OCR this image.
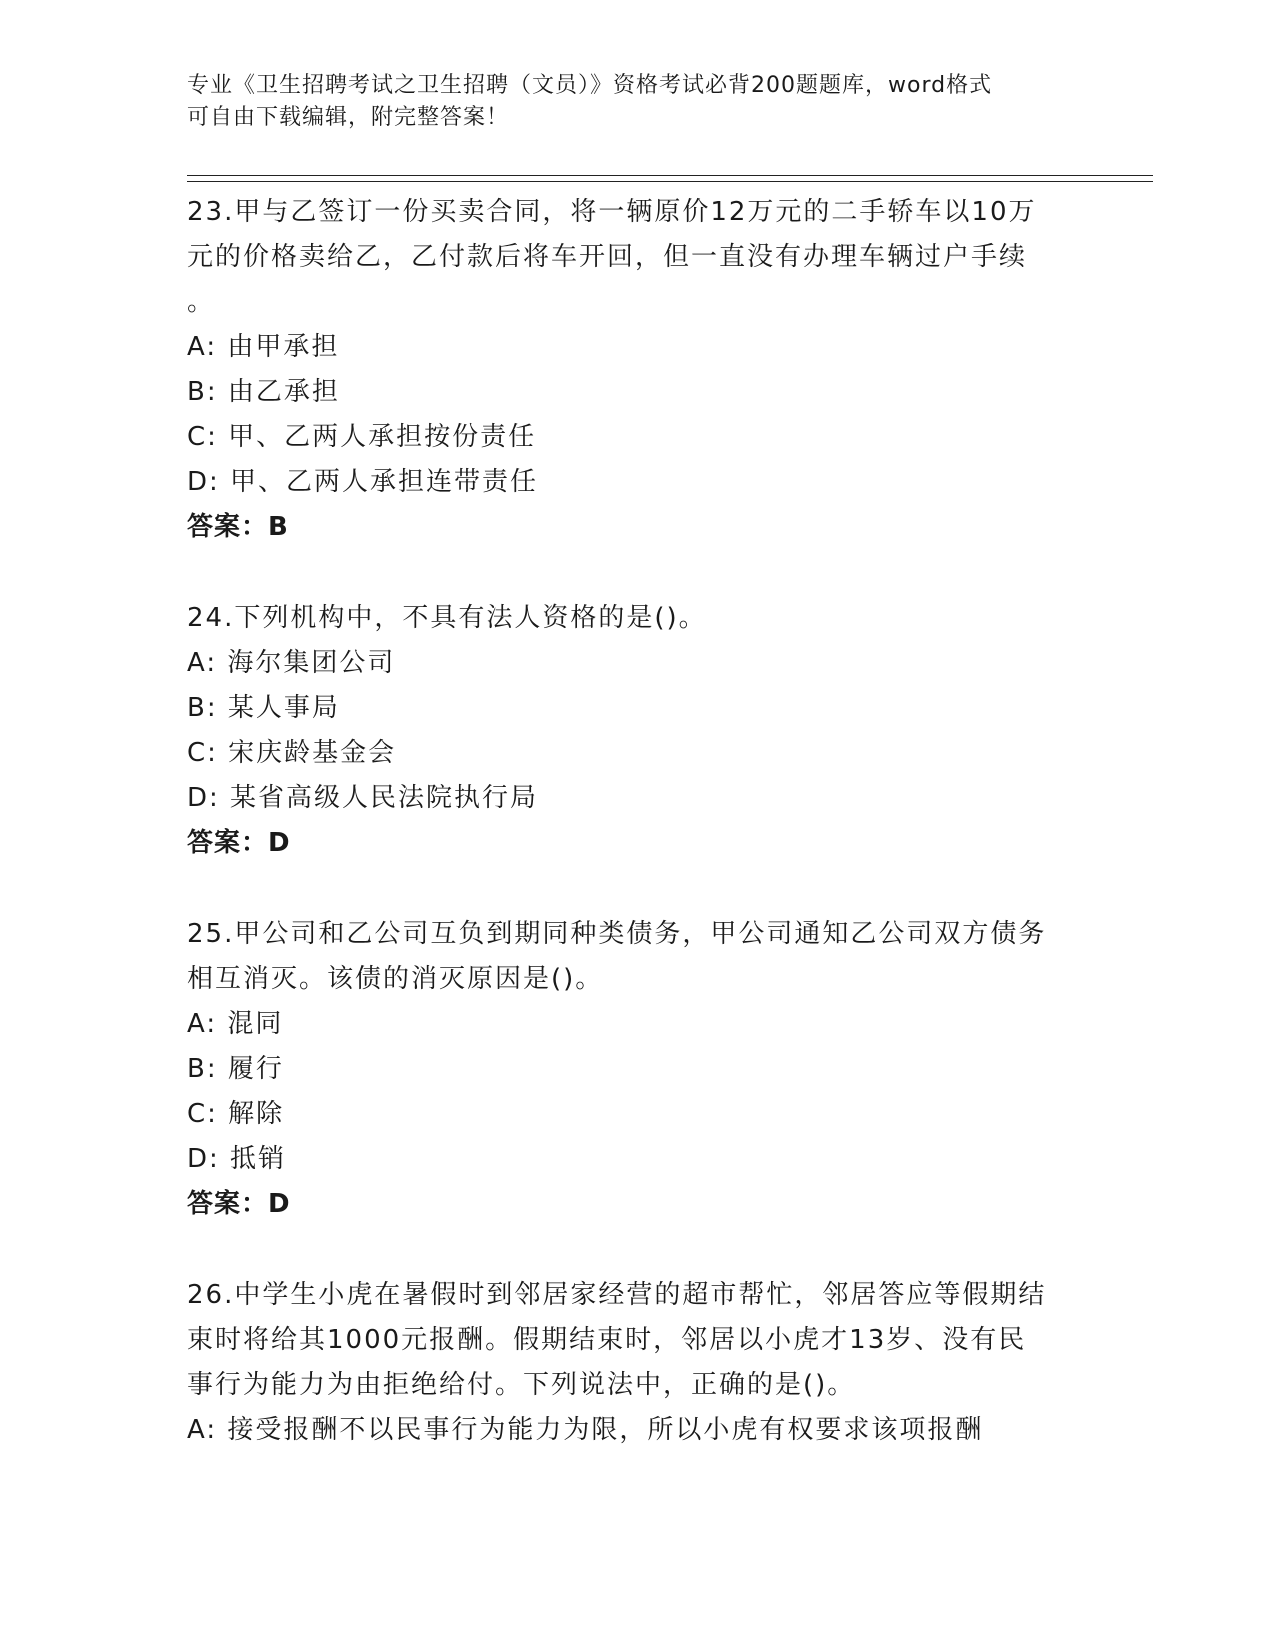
专业《卫生招聘考试之卫生招聘（文员）》资格考试必背200题题库，word格式
可自由下载编辑，附完整答案！

23.甲与乙签订一份买卖合同，将一辆原价12万元的二手轿车以10万
元的价格卖给乙，乙付款后将车开回，但一直没有办理车辆过户手续
。

A: 由甲承担

B: 由乙承担

C: 甲、乙两人承担按份责任

D: 甲、乙两人承担连带责任

答案：B

24.下列机构中，不具有法人资格的是()。

A: 海尔集团公司

B: 某人事局

C: 宋庆龄基金会

D: 某省高级人民法院执行局

答案：D

25.甲公司和乙公司互负到期同种类债务，甲公司通知乙公司双方债务
相互消灭。该债的消灭原因是()。

A: 混同

B: 履行

C: 解除

D: 抵销

答案：D

26.中学生小虎在暑假时到邻居家经营的超市帮忙，邻居答应等假期结
束时将给其1000元报酬。假期结束时，邻居以小虎才13岁、没有民
事行为能力为由拒绝给付。下列说法中，正确的是()。

A: 接受报酬不以民事行为能力为限，所以小虎有权要求该项报酬
